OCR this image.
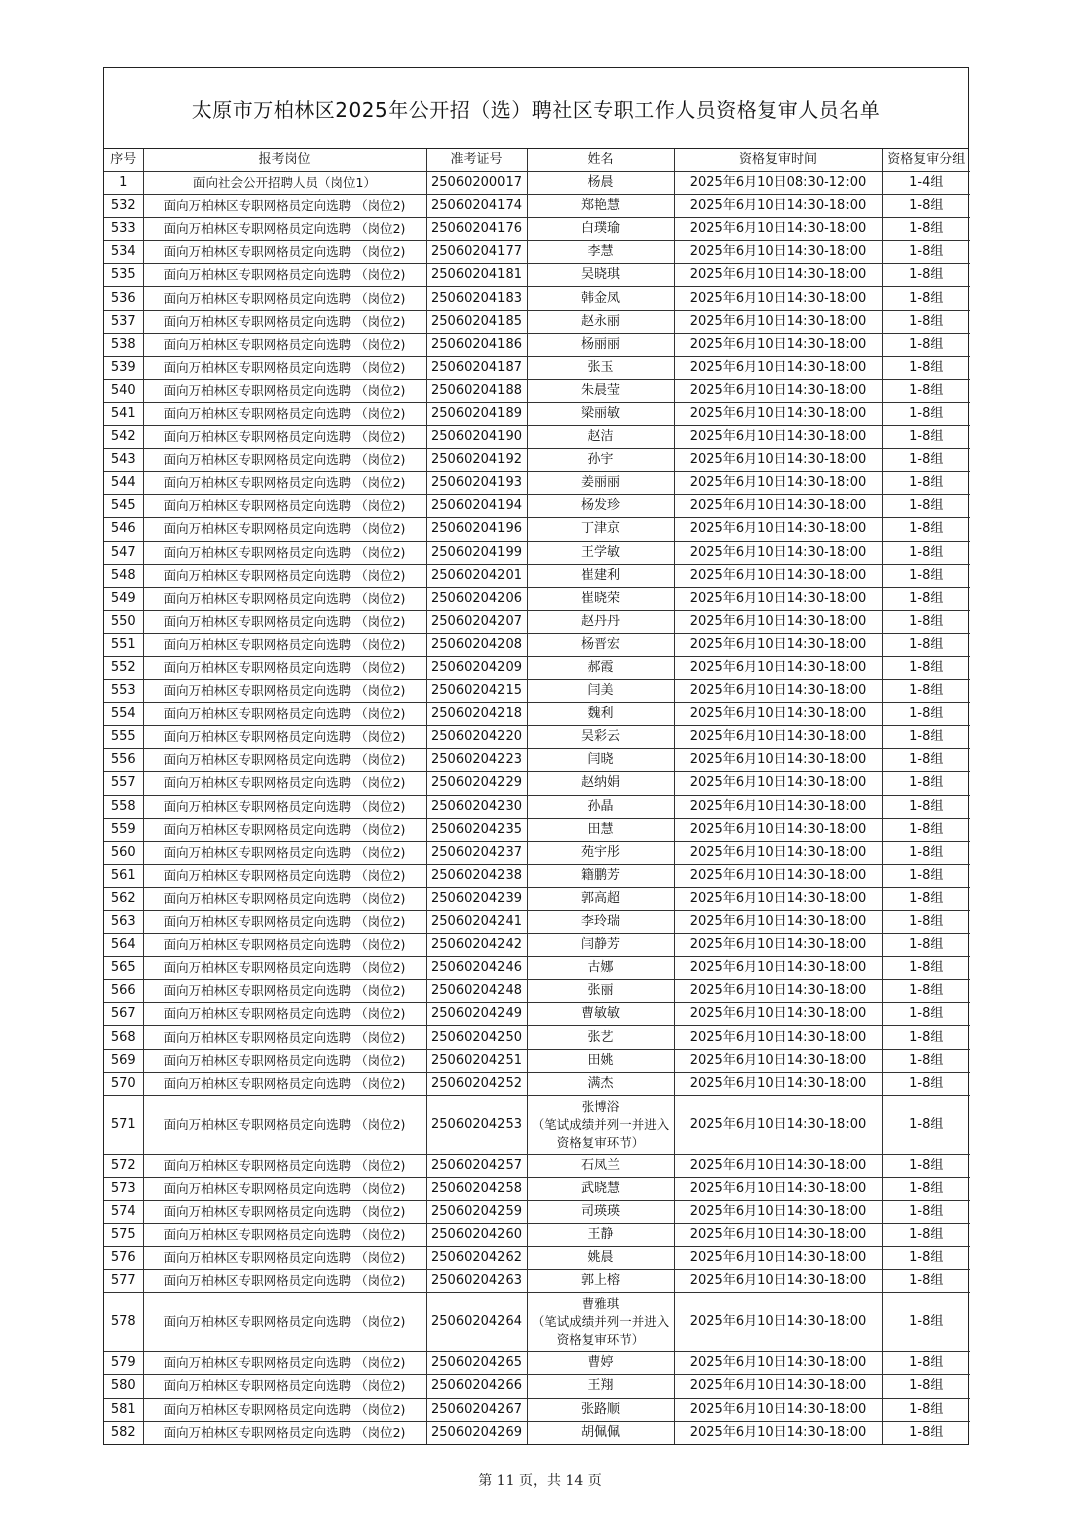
太原市万柏林区2025年公开招（选）聘社区专职工作人员资格复审人员名单
序号	报考岗位	准考证号	姓名	资格复审时间	资格复审分组
1	面向社会公开招聘人员（岗位1）	25060200017	杨晨	2025年6月10日08:30-12:00	1-4组
532	面向万柏林区专职网格员定向选聘 （岗位2)	25060204174	郑艳慧	2025年6月10日14:30-18:00	1-8组
533	面向万柏林区专职网格员定向选聘 （岗位2)	25060204176	白璞瑜	2025年6月10日14:30-18:00	1-8组
534	面向万柏林区专职网格员定向选聘 （岗位2)	25060204177	李慧	2025年6月10日14:30-18:00	1-8组
535	面向万柏林区专职网格员定向选聘 （岗位2)	25060204181	吴晓琪	2025年6月10日14:30-18:00	1-8组
536	面向万柏林区专职网格员定向选聘 （岗位2)	25060204183	韩金凤	2025年6月10日14:30-18:00	1-8组
537	面向万柏林区专职网格员定向选聘 （岗位2)	25060204185	赵永丽	2025年6月10日14:30-18:00	1-8组
538	面向万柏林区专职网格员定向选聘 （岗位2)	25060204186	杨丽丽	2025年6月10日14:30-18:00	1-8组
539	面向万柏林区专职网格员定向选聘 （岗位2)	25060204187	张玉	2025年6月10日14:30-18:00	1-8组
540	面向万柏林区专职网格员定向选聘 （岗位2)	25060204188	朱晨莹	2025年6月10日14:30-18:00	1-8组
541	面向万柏林区专职网格员定向选聘 （岗位2)	25060204189	梁丽敏	2025年6月10日14:30-18:00	1-8组
542	面向万柏林区专职网格员定向选聘 （岗位2)	25060204190	赵洁	2025年6月10日14:30-18:00	1-8组
543	面向万柏林区专职网格员定向选聘 （岗位2)	25060204192	孙宇	2025年6月10日14:30-18:00	1-8组
544	面向万柏林区专职网格员定向选聘 （岗位2)	25060204193	姜丽丽	2025年6月10日14:30-18:00	1-8组
545	面向万柏林区专职网格员定向选聘 （岗位2)	25060204194	杨发珍	2025年6月10日14:30-18:00	1-8组
546	面向万柏林区专职网格员定向选聘 （岗位2)	25060204196	丁津京	2025年6月10日14:30-18:00	1-8组
547	面向万柏林区专职网格员定向选聘 （岗位2)	25060204199	王学敏	2025年6月10日14:30-18:00	1-8组
548	面向万柏林区专职网格员定向选聘 （岗位2)	25060204201	崔建利	2025年6月10日14:30-18:00	1-8组
549	面向万柏林区专职网格员定向选聘 （岗位2)	25060204206	崔晓荣	2025年6月10日14:30-18:00	1-8组
550	面向万柏林区专职网格员定向选聘 （岗位2)	25060204207	赵丹丹	2025年6月10日14:30-18:00	1-8组
551	面向万柏林区专职网格员定向选聘 （岗位2)	25060204208	杨晋宏	2025年6月10日14:30-18:00	1-8组
552	面向万柏林区专职网格员定向选聘 （岗位2)	25060204209	郝霞	2025年6月10日14:30-18:00	1-8组
553	面向万柏林区专职网格员定向选聘 （岗位2)	25060204215	闫美	2025年6月10日14:30-18:00	1-8组
554	面向万柏林区专职网格员定向选聘 （岗位2)	25060204218	魏利	2025年6月10日14:30-18:00	1-8组
555	面向万柏林区专职网格员定向选聘 （岗位2)	25060204220	吴彩云	2025年6月10日14:30-18:00	1-8组
556	面向万柏林区专职网格员定向选聘 （岗位2)	25060204223	闫晓	2025年6月10日14:30-18:00	1-8组
557	面向万柏林区专职网格员定向选聘 （岗位2)	25060204229	赵纳娟	2025年6月10日14:30-18:00	1-8组
558	面向万柏林区专职网格员定向选聘 （岗位2)	25060204230	孙晶	2025年6月10日14:30-18:00	1-8组
559	面向万柏林区专职网格员定向选聘 （岗位2)	25060204235	田慧	2025年6月10日14:30-18:00	1-8组
560	面向万柏林区专职网格员定向选聘 （岗位2)	25060204237	苑宇彤	2025年6月10日14:30-18:00	1-8组
561	面向万柏林区专职网格员定向选聘 （岗位2)	25060204238	籍鹏芳	2025年6月10日14:30-18:00	1-8组
562	面向万柏林区专职网格员定向选聘 （岗位2)	25060204239	郭高超	2025年6月10日14:30-18:00	1-8组
563	面向万柏林区专职网格员定向选聘 （岗位2)	25060204241	李玲瑞	2025年6月10日14:30-18:00	1-8组
564	面向万柏林区专职网格员定向选聘 （岗位2)	25060204242	闫静芳	2025年6月10日14:30-18:00	1-8组
565	面向万柏林区专职网格员定向选聘 （岗位2)	25060204246	古娜	2025年6月10日14:30-18:00	1-8组
566	面向万柏林区专职网格员定向选聘 （岗位2)	25060204248	张丽	2025年6月10日14:30-18:00	1-8组
567	面向万柏林区专职网格员定向选聘 （岗位2)	25060204249	曹敏敏	2025年6月10日14:30-18:00	1-8组
568	面向万柏林区专职网格员定向选聘 （岗位2)	25060204250	张艺	2025年6月10日14:30-18:00	1-8组
569	面向万柏林区专职网格员定向选聘 （岗位2)	25060204251	田姚	2025年6月10日14:30-18:00	1-8组
570	面向万柏林区专职网格员定向选聘 （岗位2)	25060204252	满杰	2025年6月10日14:30-18:00	1-8组
571	面向万柏林区专职网格员定向选聘 （岗位2)	25060204253	张博浴
（笔试成绩并列一并进入
资格复审环节）	2025年6月10日14:30-18:00	1-8组
572	面向万柏林区专职网格员定向选聘 （岗位2)	25060204257	石凤兰	2025年6月10日14:30-18:00	1-8组
573	面向万柏林区专职网格员定向选聘 （岗位2)	25060204258	武晓慧	2025年6月10日14:30-18:00	1-8组
574	面向万柏林区专职网格员定向选聘 （岗位2)	25060204259	司瑛瑛	2025年6月10日14:30-18:00	1-8组
575	面向万柏林区专职网格员定向选聘 （岗位2)	25060204260	王静	2025年6月10日14:30-18:00	1-8组
576	面向万柏林区专职网格员定向选聘 （岗位2)	25060204262	姚晨	2025年6月10日14:30-18:00	1-8组
577	面向万柏林区专职网格员定向选聘 （岗位2)	25060204263	郭上榕	2025年6月10日14:30-18:00	1-8组
578	面向万柏林区专职网格员定向选聘 （岗位2)	25060204264	曹雅琪
（笔试成绩并列一并进入
资格复审环节）	2025年6月10日14:30-18:00	1-8组
579	面向万柏林区专职网格员定向选聘 （岗位2)	25060204265	曹婷	2025年6月10日14:30-18:00	1-8组
580	面向万柏林区专职网格员定向选聘 （岗位2)	25060204266	王翔	2025年6月10日14:30-18:00	1-8组
581	面向万柏林区专职网格员定向选聘 （岗位2)	25060204267	张路顺	2025年6月10日14:30-18:00	1-8组
582	面向万柏林区专职网格员定向选聘 （岗位2)	25060204269	胡佩佩	2025年6月10日14:30-18:00	1-8组
第 11 页，共 14 页
